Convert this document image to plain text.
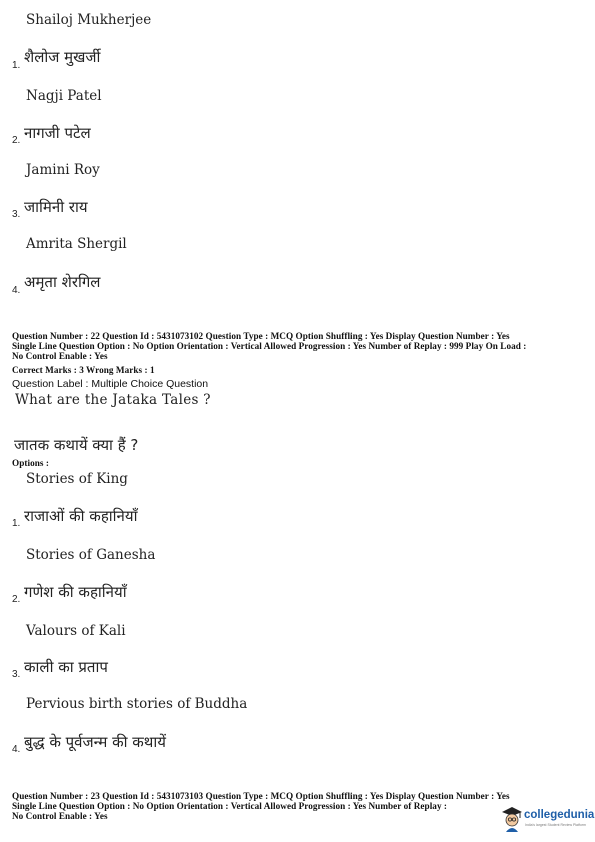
Shailoj Mukherjee
1. शैलोज मुखर्जी
Nagji Patel
2. नागजी पटेल
Jamini Roy
3. जामिनी राय
Amrita Shergil
4. अमृता शेरगिल
Question Number : 22 Question Id : 5431073102 Question Type : MCQ Option Shuffling : Yes Display Question Number : Yes
Single Line Question Option : No Option Orientation : Vertical Allowed Progression : Yes Number of Replay : 999 Play On Load :
No Control Enable : Yes
Correct Marks : 3 Wrong Marks : 1
Question Label : Multiple Choice Question
What are the Jataka Tales ?
जातक कथायें क्या हैं ?
Options :
Stories of King
1. राजाओं की कहानियाँ
Stories of Ganesha
2. गणेश की कहानियाँ
Valours of Kali
3. काली का प्रताप
Pervious birth stories of Buddha
4. बुद्ध के पूर्वजन्म की कथायें
Question Number : 23 Question Id : 5431073103 Question Type : MCQ Option Shuffling : Yes Display Question Number : Yes
Single Line Question Option : No Option Orientation : Vertical Allowed Progression : Yes Number of Replay :
No Control Enable : Yes	collegedunia
India's largest Student Review Platform
